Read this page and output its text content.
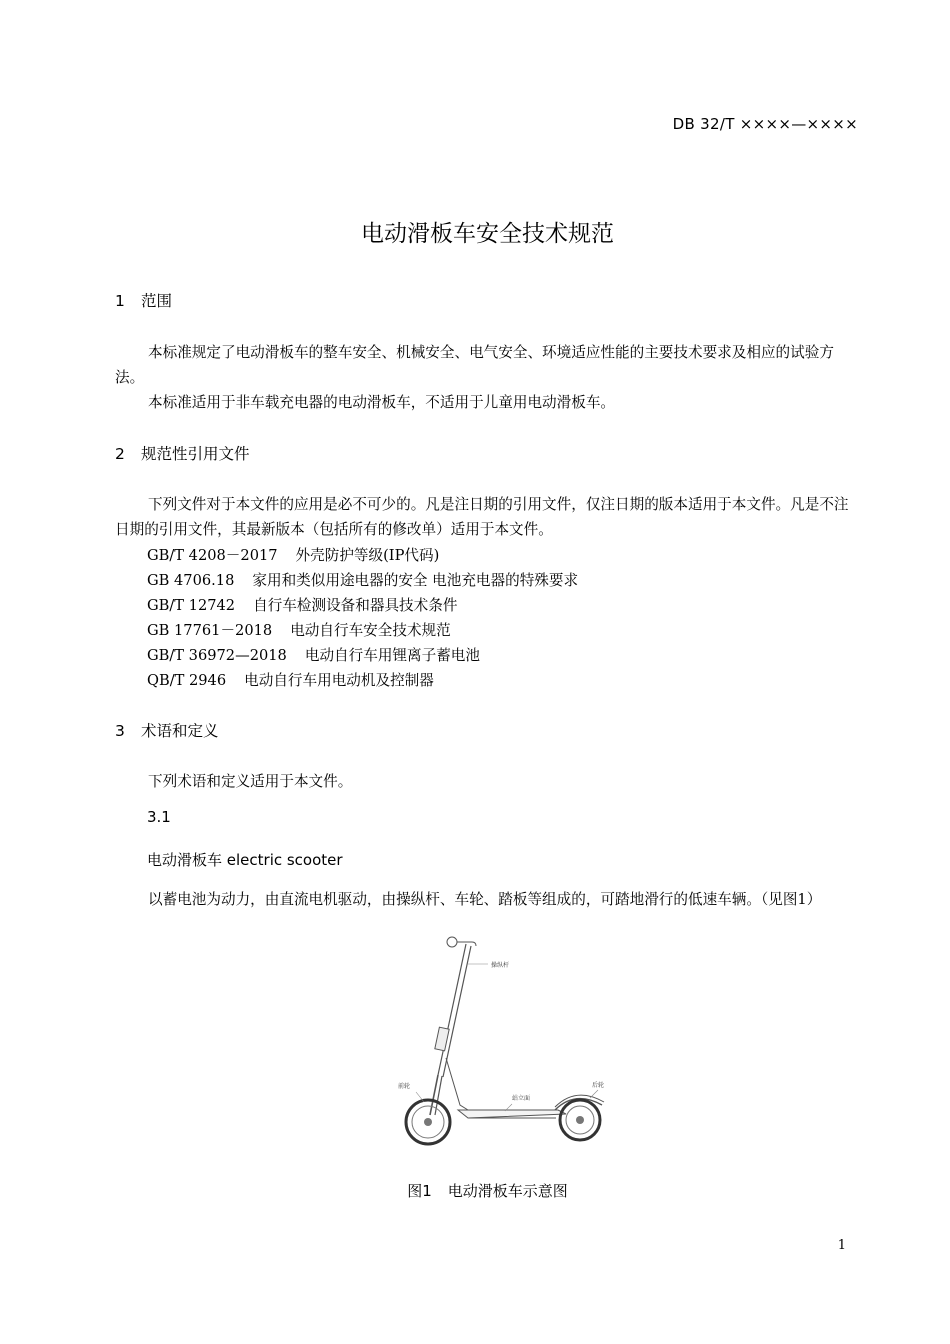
DB 32/T ××××—××××
电动滑板车安全技术规范
1 范围

本标准规定了电动滑板车的整车安全、机械安全、电气安全、环境适应性能的主要技术要求及相应的试验方法。

本标准适用于非车载充电器的电动滑板车，不适用于儿童用电动滑板车。

2 规范性引用文件

下列文件对于本文件的应用是必不可少的。凡是注日期的引用文件，仅注日期的版本适用于本文件。凡是不注日期的引用文件，其最新版本（包括所有的修改单）适用于本文件。

GB/T 4208－2017 外壳防护等级(IP代码)
GB 4706.18 家用和类似用途电器的安全 电池充电器的特殊要求
GB/T 12742 自行车检测设备和器具技术条件
GB 17761－2018 电动自行车安全技术规范
GB/T 36972—2018 电动自行车用锂离子蓄电池
QB/T 2946 电动自行车用电动机及控制器
3 术语和定义

下列术语和定义适用于本文件。

3.1
电动滑板车 electric scooter

以蓄电池为动力，由直流电机驱动，由操纵杆、车轮、踏板等组成的，可踏地滑行的低速车辆。（见图1）

操纵杆
前轮
站立面
后轮
图1 电动滑板车示意图
1
